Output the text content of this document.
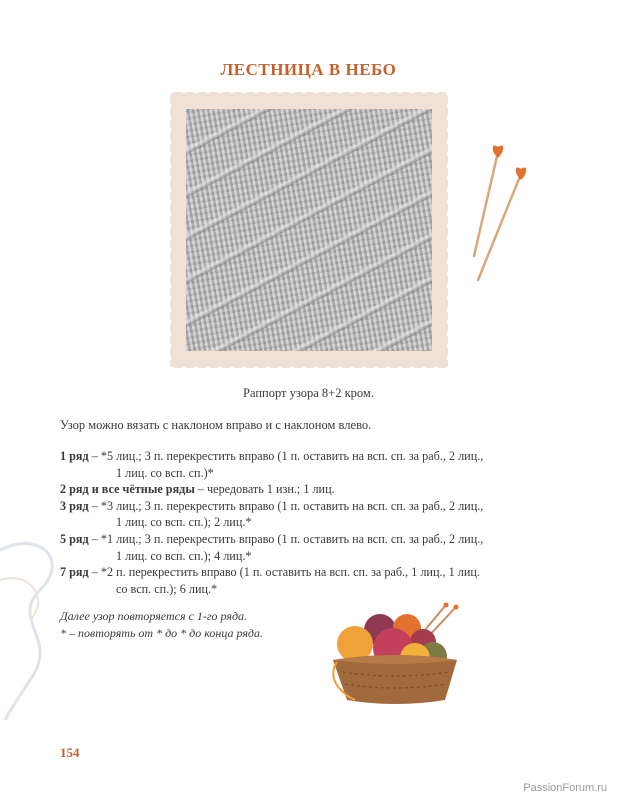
ЛЕСТНИЦА В НЕБО
Раппорт узора 8+2 кром.
Узор можно вязать с наклоном вправо и с наклоном влево.
1 ряд – *5 лиц.; 3 п. перекрестить вправо (1 п. оставить на всп. сп. за раб., 2 лиц.,
1 лиц. со всп. сп.)*
2 ряд и все чётные ряды – чередовать 1 изн.; 1 лиц.
3 ряд – *3 лиц.; 3 п. перекрестить вправо (1 п. оставить на всп. сп. за раб., 2 лиц.,
1 лиц. со всп. сп.); 2 лиц.*
5 ряд – *1 лиц.; 3 п. перекрестить вправо (1 п. оставить на всп. сп. за раб., 2 лиц.,
1 лиц. со всп. сп.); 4 лиц.*
7 ряд – *2 п. перекрестить вправо (1 п. оставить на всп. сп. за раб., 1 лиц., 1 лиц.
со всп. сп.); 6 лиц.*
Далее узор повторяется с 1-го ряда.
* – повторять от * до * до конца ряда.
154
PassionForum.ru
